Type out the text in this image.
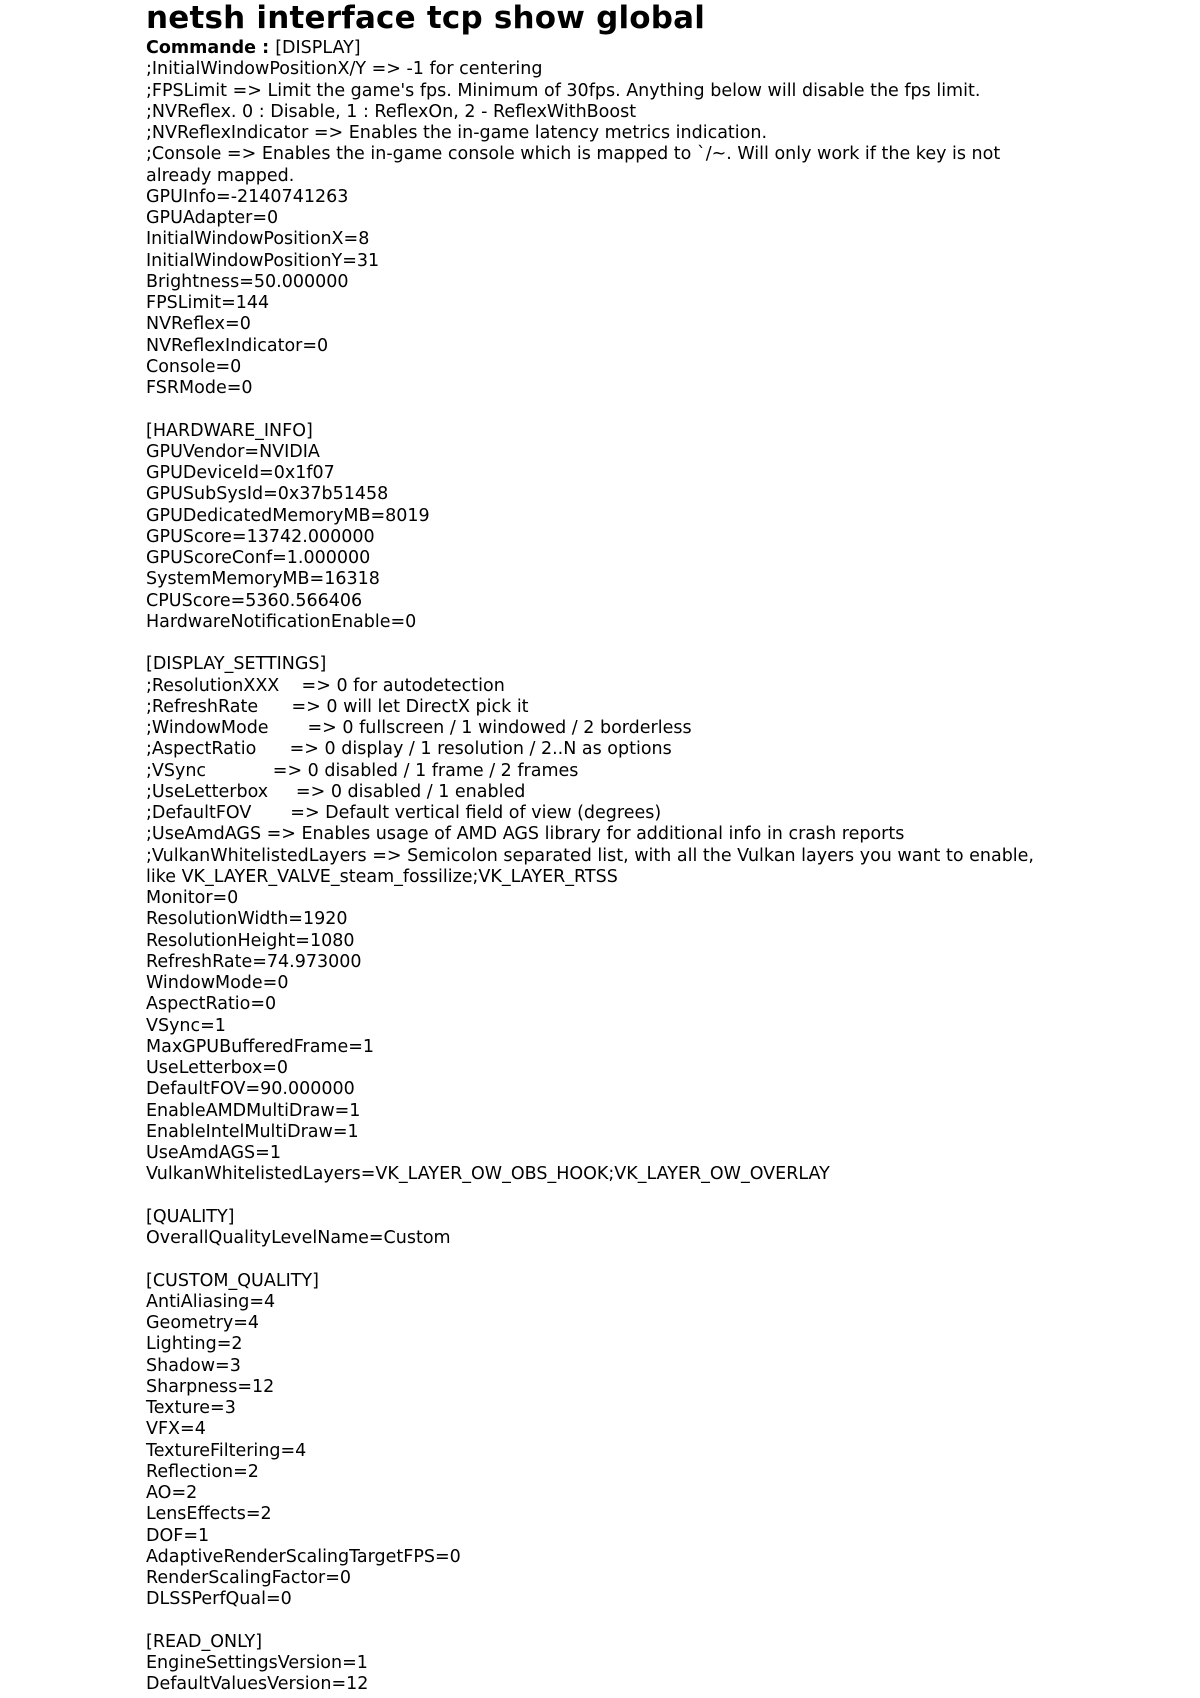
netsh interface tcp show global
Commande : [DISPLAY]
;InitialWindowPositionX/Y => -1 for centering
;FPSLimit => Limit the game's fps. Minimum of 30fps. Anything below will disable the fps limit.
;NVReflex. 0 : Disable, 1 : ReflexOn, 2 - ReflexWithBoost
;NVReflexIndicator => Enables the in-game latency metrics indication.
;Console => Enables the in-game console which is mapped to `/~. Will only work if the key is not already mapped.
GPUInfo=-2140741263
GPUAdapter=0
InitialWindowPositionX=8
InitialWindowPositionY=31
Brightness=50.000000
FPSLimit=144
NVReflex=0
NVReflexIndicator=0
Console=0
FSRMode=0

[HARDWARE_INFO]
GPUVendor=NVIDIA
GPUDeviceId=0x1f07
GPUSubSysId=0x37b51458
GPUDedicatedMemoryMB=8019
GPUScore=13742.000000
GPUScoreConf=1.000000
SystemMemoryMB=16318
CPUScore=5360.566406
HardwareNotificationEnable=0

[DISPLAY_SETTINGS]
;ResolutionXXX    => 0 for autodetection
;RefreshRate      => 0 will let DirectX pick it
;WindowMode       => 0 fullscreen / 1 windowed / 2 borderless
;AspectRatio      => 0 display / 1 resolution / 2..N as options
;VSync            => 0 disabled / 1 frame / 2 frames
;UseLetterbox     => 0 disabled / 1 enabled
;DefaultFOV       => Default vertical field of view (degrees)
;UseAmdAGS => Enables usage of AMD AGS library for additional info in crash reports
;VulkanWhitelistedLayers => Semicolon separated list, with all the Vulkan layers you want to enable, like VK_LAYER_VALVE_steam_fossilize;VK_LAYER_RTSS
Monitor=0
ResolutionWidth=1920
ResolutionHeight=1080
RefreshRate=74.973000
WindowMode=0
AspectRatio=0
VSync=1
MaxGPUBufferedFrame=1
UseLetterbox=0
DefaultFOV=90.000000
EnableAMDMultiDraw=1
EnableIntelMultiDraw=1
UseAmdAGS=1
VulkanWhitelistedLayers=VK_LAYER_OW_OBS_HOOK;VK_LAYER_OW_OVERLAY

[QUALITY]
OverallQualityLevelName=Custom

[CUSTOM_QUALITY]
AntiAliasing=4
Geometry=4
Lighting=2
Shadow=3
Sharpness=12
Texture=3
VFX=4
TextureFiltering=4
Reflection=2
AO=2
LensEffects=2
DOF=1
AdaptiveRenderScalingTargetFPS=0
RenderScalingFactor=0
DLSSPerfQual=0

[READ_ONLY]
EngineSettingsVersion=1
DefaultValuesVersion=12
